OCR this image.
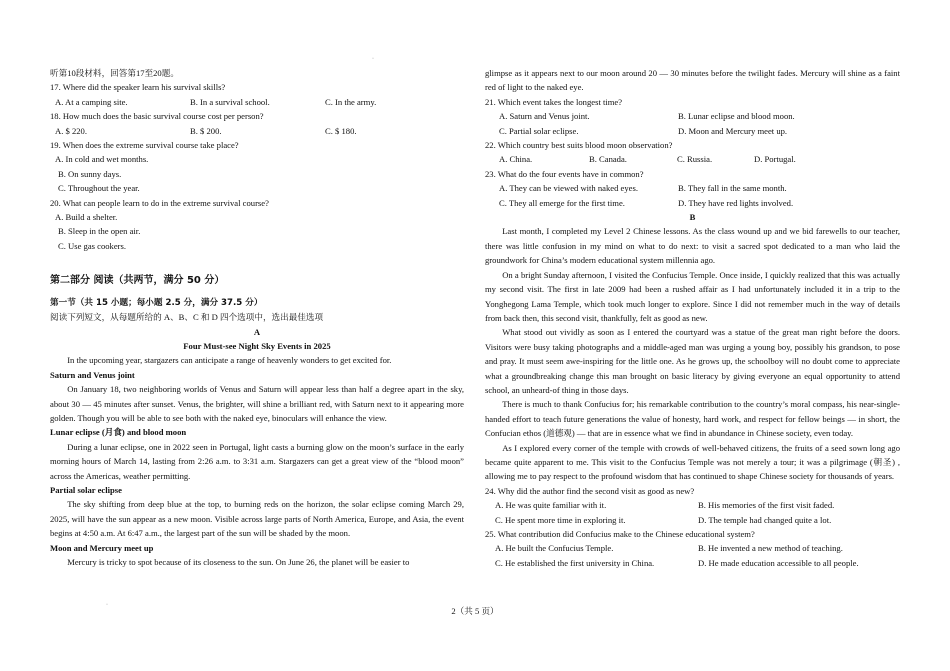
·

听第10段材料，回答第17至20题。

17. Where did the speaker learn his survival skills?

A. At a camping site.	B. In a survival school.	C. In the army.

18. How much does the basic survival course cost per person?

A. $ 220.	B. $ 200.	C. $ 180.

19. When does the extreme survival course take place?

A. In cold and wet months.

B. On sunny days.

C. Throughout the year.

20. What can people learn to do in the extreme survival course?

A. Build a shelter.

B. Sleep in the open air.

C. Use gas cookers.

第二部分 阅读（共两节，满分 50 分）

第一节（共 15 小题；每小题 2.5 分，满分 37.5 分）

阅读下列短文，从每题所给的 A、B、C 和 D 四个选项中，选出最佳选项

A

Four Must-see Night Sky Events in 2025

In the upcoming year, stargazers can anticipate a range of heavenly wonders to get excited for.

Saturn and Venus joint

On January 18, two neighboring worlds of Venus and Saturn will appear less than half a degree apart in the sky, about 30 — 45 minutes after sunset. Venus, the brighter, will shine a brilliant red, with Saturn next to it appearing more golden. Though you will be able to see both with the naked eye, binoculars will enhance the view.

Lunar eclipse (月食) and blood moon

During a lunar eclipse, one in 2022 seen in Portugal, light casts a burning glow on the moon’s surface in the early morning hours of March 14, lasting from 2:26 a.m. to 3:31 a.m. Stargazers can get a great view of the “blood moon” across the Americas, weather permitting.

Partial solar eclipse

The sky shifting from deep blue at the top, to burning reds on the horizon, the solar eclipse coming March 29, 2025, will have the sun appear as a new moon. Visible across large parts of North America, Europe, and Asia, the event begins at 4:50 a.m. At 6:47 a.m., the largest part of the sun will be shaded by the moon.

Moon and Mercury meet up

Mercury is tricky to spot because of its closeness to the sun. On June 26, the planet will be easier to

glimpse as it appears next to our moon around 20 — 30 minutes before the twilight fades. Mercury will shine as a faint red of light to the naked eye.

21. Which event takes the longest time?

A. Saturn and Venus joint.	B. Lunar eclipse and blood moon.
C. Partial solar eclipse.	D. Moon and Mercury meet up.

22. Which country best suits blood moon observation?

A. China.	B. Canada.	C. Russia.	D. Portugal.

23. What do the four events have in common?

A. They can be viewed with naked eyes.	B. They fall in the same month.
C. They all emerge for the first time.	D. They have red lights involved.

B

Last month, I completed my Level 2 Chinese lessons. As the class wound up and we bid farewells to our teacher, there was little confusion in my mind on what to do next: to visit a sacred spot dedicated to a man who laid the groundwork for China’s modern educational system millennia ago.

On a bright Sunday afternoon, I visited the Confucius Temple. Once inside, I quickly realized that this was actually my second visit. The first in late 2009 had been a rushed affair as I had unfortunately included it in a trip to the Yonghegong Lama Temple, which took much longer to explore. Since I did not remember much in the way of details from back then, this second visit, thankfully, felt as good as new.

What stood out vividly as soon as I entered the courtyard was a statue of the great man right before the doors. Visitors were busy taking photographs and a middle-aged man was urging a young boy, possibly his grandson, to pose and pray. It must seem awe-inspiring for the little one. As he grows up, the schoolboy will no doubt come to appreciate what a groundbreaking change this man brought on basic literacy by giving everyone an equal opportunity to attend school, an unheard-of thing in those days.

There is much to thank Confucius for; his remarkable contribution to the country’s moral compass, his near-single-handed effort to teach future generations the value of honesty, hard work, and respect for fellow beings — in short, the Confucian ethos (道德观) — that are in essence what we find in abundance in Chinese society, even today.

As I explored every corner of the temple with crowds of well-behaved citizens, the fruits of a seed sown long ago became quite apparent to me. This visit to the Confucius Temple was not merely a tour; it was a pilgrimage (朝圣) , allowing me to pay respect to the profound wisdom that has continued to shape Chinese society for thousands of years.

24. Why did the author find the second visit as good as new?

A. He was quite familiar with it.	B. His memories of the first visit faded.
C. He spent more time in exploring it.	D. The temple had changed quite a lot.

25. What contribution did Confucius make to the Chinese educational system?

A. He built the Confucius Temple.	B. He invented a new method of teaching.
C. He established the first university in China.	D. He made education accessible to all people.
·
2（共 5 页）
